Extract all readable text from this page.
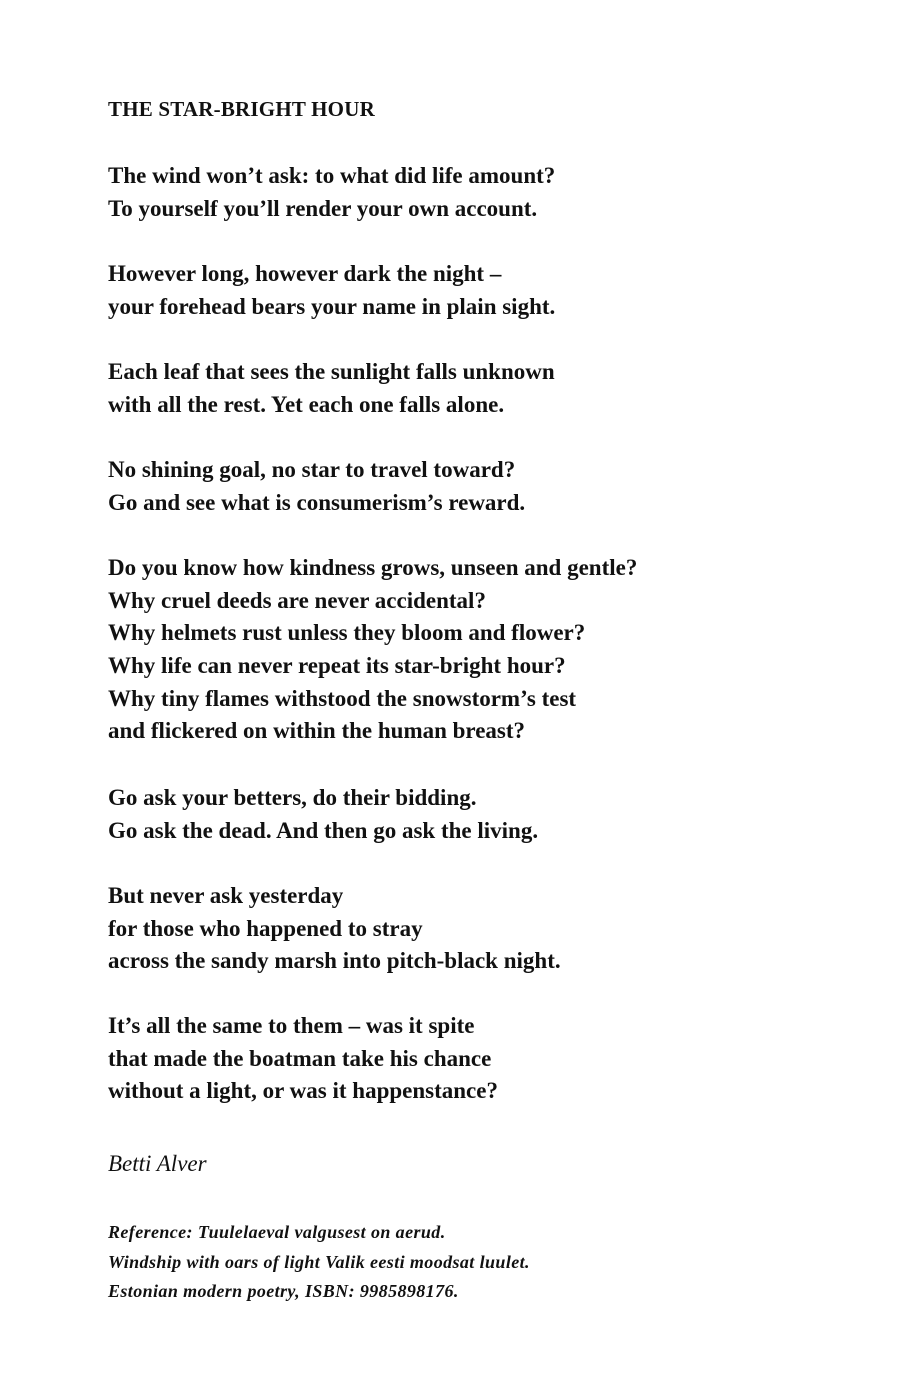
THE STAR-BRIGHT HOUR
The wind won’t ask: to what did life amount?
To yourself you’ll render your own account.
However long, however dark the night –
your forehead bears your name in plain sight.
Each leaf that sees the sunlight falls unknown
with all the rest. Yet each one falls alone.
No shining goal, no star to travel toward?
Go and see what is consumerism’s reward.
Do you know how kindness grows, unseen and gentle?
Why cruel deeds are never accidental?
Why helmets rust unless they bloom and flower?
Why life can never repeat its star-bright hour?
Why tiny flames withstood the snowstorm’s test
and flickered on within the human breast?
Go ask your betters, do their bidding.
Go ask the dead. And then go ask the living.
But never ask yesterday
for those who happened to stray
across the sandy marsh into pitch-black night.
It’s all the same to them – was it spite
that made the boatman take his chance
without a light, or was it happenstance?
Betti Alver
Reference: Tuulelaeval valgusest on aerud.
Windship with oars of light Valik eesti moodsat luulet.
Estonian modern poetry, ISBN: 9985898176.
